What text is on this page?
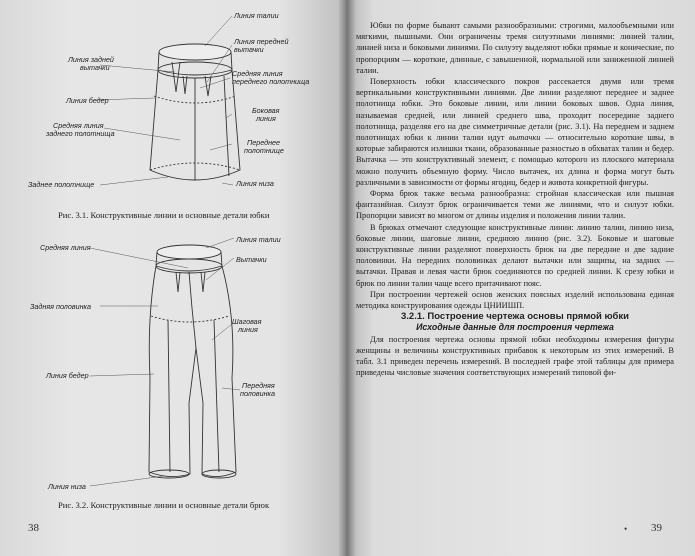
Линия талии
Линия задней
вытачки
Линия передней
вытачки
Линия бедер
Средняя линия
переднего полотнища
Боковая
линия
Средняя линия
заднего полотнища
Переднее
полотнище
Заднее полотнище	Линия низа
Рис. 3.1. Конструктивные линии и основные детали юбки
Линия талии
Средняя линия
Вытачки
Задняя половинка
Шаговая
линия
Линия бедер
Передняя
половинка
Линия низа
Рис. 3.2. Конструктивные линии и основные детали брюк
38

Юбки по форме бывают самыми разнообразными: строгими, малообъемными или мягкими, пышными. Они ограничены тремя силуэтными линиями: линией талии, линией низа и боковыми линиями. По силуэту выделяют юбки прямые и конические, по пропорциям — короткие, длинные, с завышенной, нормальной или заниженной линией талии.

Поверхность юбки классического покроя рассекается двумя или тремя вертикальными конструктивными линиями. Две линии разделяют переднее и заднее полотнища юбки. Это боковые линии, или линии боковых швов. Одна линия, называемая средней, или линией среднего шва, проходит посередине заднего полотнища, разделяя его на две симметричные детали (рис. 3.1). На переднем и заднем полотнищах юбки к линии талии идут вытачки — относительно короткие швы, в которые забираются излишки ткани, образованные разностью в обхватах талии и бедер. Вытачка — это конструктивный элемент, с помощью которого из плоского материала можно получить объемную форму. Число вытачек, их длина и форма могут быть различными в зависимости от формы ягодиц, бедер и живота конкретной фигуры.

Форма брюк также весьма разнообразна: стройная классическая или пышная фантазийная. Силуэт брюк ограничивается теми же линиями, что и силуэт юбки. Пропорции зависят во многом от длины изделия и положения линии талии.

В брюках отмечают следующие конструктивные линии: линию талии, линию низа, боковые линии, шаговые линии, среднюю линию (рис. 3.2). Боковые и шаговые конструктивные линии разделяют поверхность брюк на две передние и две задние половинки. На передних половинках делают вытачки или защипы, на задних — вытачки. Правая и левая части брюк соединяются по средней линии. К срезу юбки и брюк по линии талии чаще всего притачивают пояс.

При построении чертежей основ женских поясных изделий использована единая методика конструирования одежды ЦНИИШП.

3.2.1. Построение чертежа основы прямой юбки

Исходные данные для построения чертежа

Для построения чертежа основы прямой юбки необходимы измерения фигуры женщины и величины конструктивных прибавок к некоторым из этих измерений. В табл. 3.1 приведен перечень измерений. В последней графе этой таблицы для примера приведены числовые значения соответствующих измерений типовой фи-

• 39
